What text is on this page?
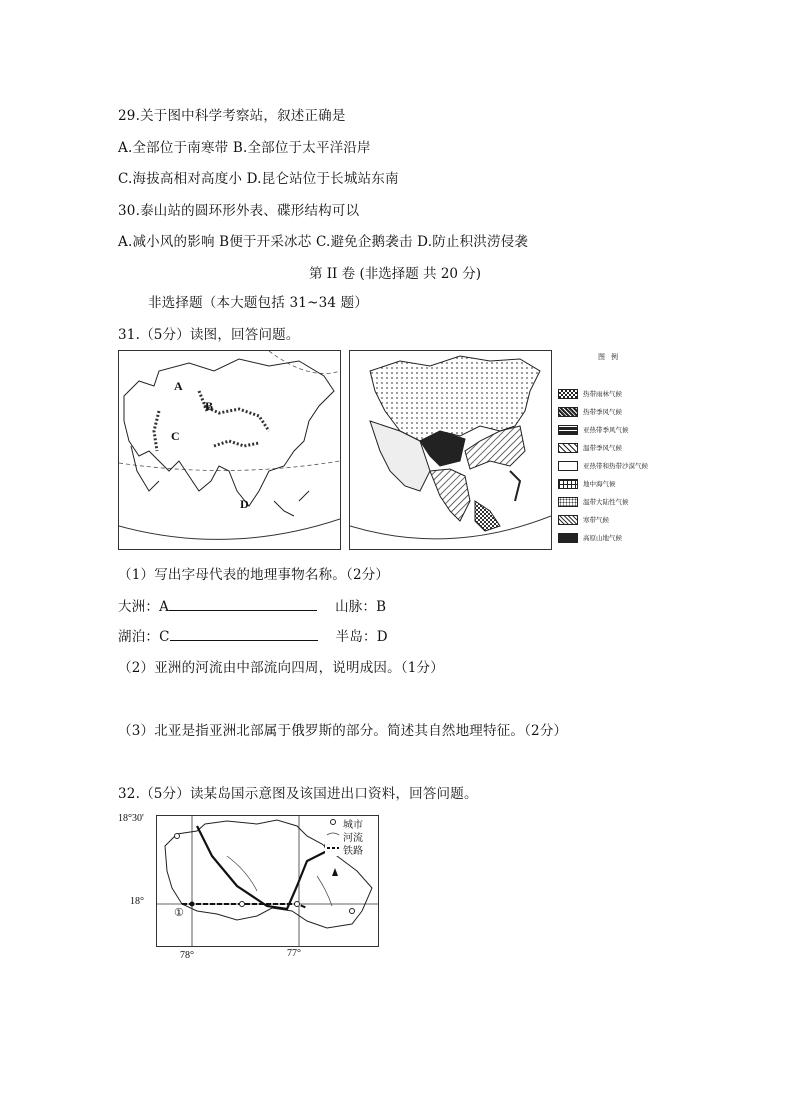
29.关于图中科学考察站，叙述正确是
A.全部位于南寒带 B.全部位于太平洋沿岸
C.海拔高相对高度小 D.昆仑站位于长城站东南
30.泰山站的圆环形外表、碟形结构可以
A.减小风的影响 B便于开采冰芯 C.避免企鹅袭击 D.防止积洪涝侵袭
第 II 卷 (非选择题 共 20 分)
非选择题（本大题包括 31~34 题）
31.（5分）读图，回答问题。
A
B
C
D
图例
热带雨林气候
热带季风气候
亚热带季风气候
温带季风气候
亚热带和热带沙漠气候
地中海气候
温带大陆性气候
寒带气候
高原山地气候
（1）写出字母代表的地理事物名称。（2分）
大洲：A	山脉：B
湖泊：C	半岛：D
（2）亚洲的河流由中部流向四周，说明成因。（1分）
（3）北亚是指亚洲北部属于俄罗斯的部分。简述其自然地理特征。（2分）
32.（5分）读某岛国示意图及该国进出口资料，回答问题。
18°30'
18°
78°	77°
①
城市
河流
铁路
